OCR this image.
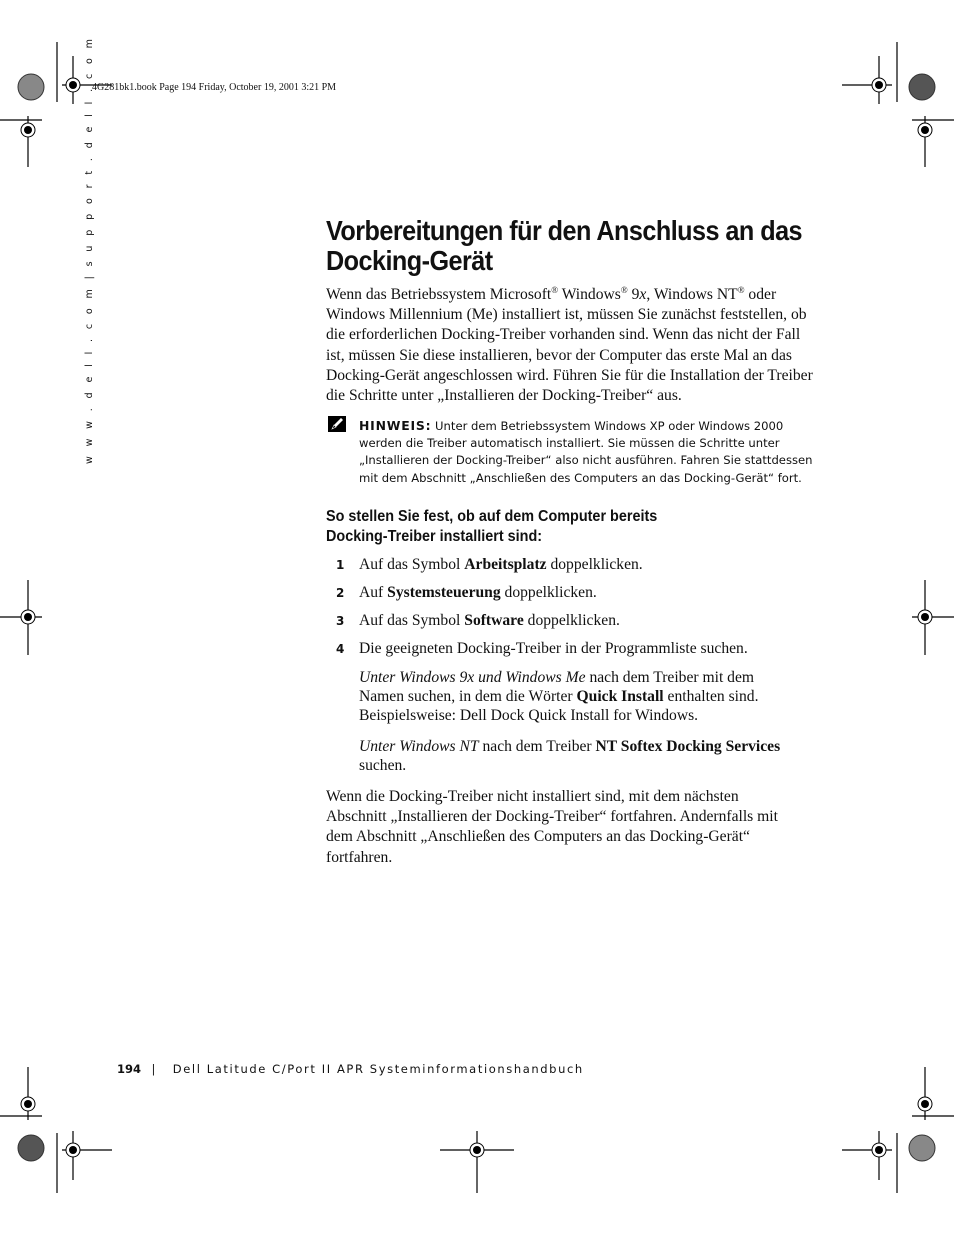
4G281bk1.book Page 194 Friday, October 19, 2001 3:21 PM
w w w . d e l l . c o m | s u p p o r t . d e l l . c o m	Vorbereitungen für den Anschluss an das Docking-Gerät
Wenn das Betriebssystem Microsoft® Windows® 9x, Windows NT® oder Windows Millennium (Me) installiert ist, müssen Sie zunächst feststellen, ob die erforderlichen Docking-Treiber vorhanden sind. Wenn das nicht der Fall ist, müssen Sie diese installieren, bevor der Computer das erste Mal an das Docking-Gerät angeschlossen wird. Führen Sie für die Installation der Treiber die Schritte unter „Installieren der Docking-Treiber“ aus.
HINWEIS: Unter dem Betriebssystem Windows XP oder Windows 2000 werden die Treiber automatisch installiert. Sie müssen die Schritte unter „Installieren der Docking-Treiber“ also nicht ausführen. Fahren Sie stattdessen mit dem Abschnitt „Anschließen des Computers an das Docking-Gerät“ fort.
So stellen Sie fest, ob auf dem Computer bereits Docking-Treiber installiert sind:
1 Auf das Symbol Arbeitsplatz doppelklicken.
2 Auf Systemsteuerung doppelklicken.
3 Auf das Symbol Software doppelklicken.
4 Die geeigneten Docking-Treiber in der Programmliste suchen.
Unter Windows 9x und Windows Me nach dem Treiber mit dem Namen suchen, in dem die Wörter Quick Install enthalten sind. Beispielsweise: Dell Dock Quick Install for Windows.
Unter Windows NT nach dem Treiber NT Softex Docking Services suchen.
Wenn die Docking-Treiber nicht installiert sind, mit dem nächsten Abschnitt „Installieren der Docking-Treiber“ fortfahren. Andernfalls mit dem Abschnitt „Anschließen des Computers an das Docking-Gerät“ fortfahren.
194 | Dell Latitude C/Port II APR Systeminformationshandbuch
